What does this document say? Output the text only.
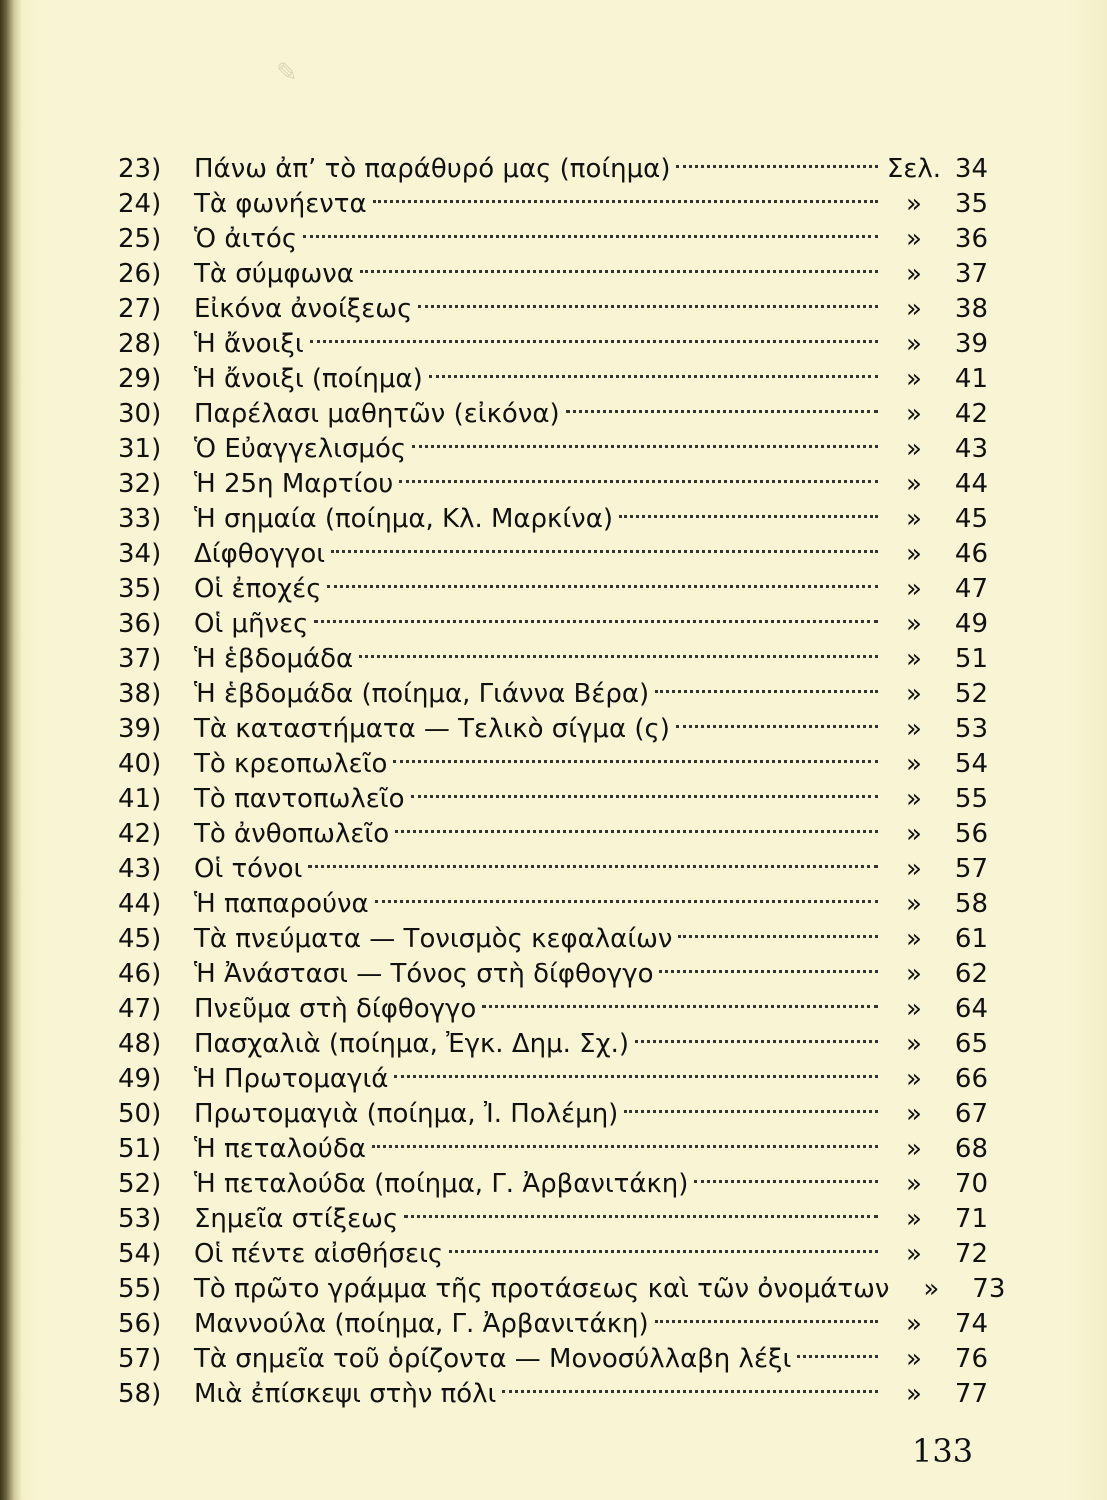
✎
23)	Πάνω ἀπ’ τὸ παράθυρό μας (ποίημα)	Σελ. 34
24)	Τὰ φωνήεντα	»	35
25)	Ὁ ἀιτός	»	36
26)	Τὰ σύμφωνα	»	37
27)	Εἰκόνα ἀνοίξεως	»	38
28)	Ἡ ἄνοιξι	»	39
29)	Ἡ ἄνοιξι (ποίημα)	»	41
30)	Παρέλασι μαθητῶν (εἰκόνα)	»	42
31)	Ὁ Εὐαγγελισμός	»	43
32)	Ἡ 25η Μαρτίου	»	44
33)	Ἡ σημαία (ποίημα, Κλ. Μαρκίνα)	»	45
34)	Δίφθογγοι	»	46
35)	Οἱ ἐποχές	»	47
36)	Οἱ μῆνες	»	49
37)	Ἡ ἑβδομάδα	»	51
38)	Ἡ ἑβδομάδα (ποίημα, Γιάννα Βέρα)	»	52
39)	Τὰ καταστήματα — Τελικὸ σίγμα (ς)	»	53
40)	Τὸ κρεοπωλεῖο	»	54
41)	Τὸ παντοπωλεῖο	»	55
42)	Τὸ ἀνθοπωλεῖο	»	56
43)	Οἱ τόνοι	»	57
44)	Ἡ παπαρούνα	»	58
45)	Τὰ πνεύματα — Τονισμὸς κεφαλαίων	»	61
46)	Ἡ Ἀνάστασι — Τόνος στὴ δίφθογγο	»	62
47)	Πνεῦμα στὴ δίφθογγο	»	64
48)	Πασχαλιὰ (ποίημα, Ἐγκ. Δημ. Σχ.)	»	65
49)	Ἡ Πρωτομαγιά	»	66
50)	Πρωτομαγιὰ (ποίημα, Ἰ. Πολέμη)	»	67
51)	Ἡ πεταλούδα	»	68
52)	Ἡ πεταλούδα (ποίημα, Γ. Ἀρβανιτάκη)	»	70
53)	Σημεῖα στίξεως	»	71
54)	Οἱ πέντε αἰσθήσεις	»	72
55)	Τὸ πρῶτο γράμμα τῆς προτάσεως καὶ τῶν ὀνομάτων	»	73
56)	Μαννούλα (ποίημα, Γ. Ἀρβανιτάκη)	»	74
57)	Τὰ σημεῖα τοῦ ὁρίζοντα — Μονοσύλλαβη λέξι	»	76
58)	Μιὰ ἐπίσκεψι στὴν πόλι	»	77
133
